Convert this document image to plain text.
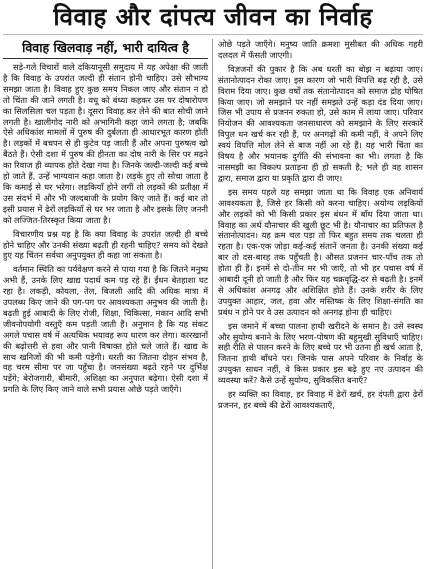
विवाह और दांपत्य जीवन का निर्वाह
विवाह खिलवाड़ नहीं, भारी दायित्व है

सड़े-गले विचारों वाले दकियानूसी समुदाय में यह अपेक्षा की जाती है कि विवाह के उपरांत जल्दी ही संतान होनी चाहिए। उसे सौभाग्य समझा जाता है। विवाह हुए कुछ समय निकल जाए और संतान न हो तो चिंता की जाने लगती है। वधू को बंध्या कहकर उस पर दोषारोपण का सिलसिला चल पड़ता है। दूसरा विवाह कर लेने की बात सोची जाने लगती है। खालीगोद नारी को अभागिनी कहा जाने लगता है; जबकि ऐसे अधिकांश मामलों में पुरुष की दुर्बलता ही आधारभूत कारण होती है। लड़कों में बचपन से ही कुटेव पड़ जाती हैं और अपना पुरुषत्व खो बैठते हैं। ऐसी दशा में पुरुष की हीनता का दोष नारी के सिर पर मढ़ने का रिवाज ही व्यापक होते देखा गया है। जिनके जल्दी-जल्दी कई बच्चे हो जाते हैं, उन्हें भाग्यवान कहा जाता है। लड़के हुए तो सोचा जाता है कि कमाई से घर भरेगा। लड़कियाँ होने लगीं तो लड़कों की प्रतीक्षा में उस संदर्भ में और भी जल्दबाजी के प्रयोग किए जाते हैं। कई बार तो इसी प्रयास में ढेरों लड़कियाँ से घर भर जाता है और इसके लिए जननी को लज्जित-तिरस्कृत किया जाता है।

विचारणीय प्रश्न यह है कि क्या विवाह के उपरांत जल्दी ही बच्चे होने चाहिए और उनकी संख्या बढ़ती ही रहनी चाहिए? समय को देखते हुए यह चिंतन सर्वथा अनुपयुक्त ही कहा जा सकता है।

वर्तमान स्थिति का पर्यवेक्षण करने से पाया गया है कि जितने मनुष्य अभी हैं, उनके लिए खाद्य पदार्थ कम पड़ रहे हैं। ईंधन बेतहाशा घट रहा है। लकड़ी, कोयला, तेल, बिजली आदि की अधिक मात्रा में उपलब्ध किए जाने की पग-पग पर आवश्यकता अनुभव की जाती है। बढ़ती हुई आबादी के लिए रोजी, शिक्षा, चिकित्सा, मकान आदि सभी जीवनोपयोगी वस्तुएँ कम पड़ती जाती हैं। अनुमान है कि यह संकट अगले पचास वर्ष में अत्यधिक भयावह रूप धारण कर लेगा। कारखानों की बढ़ोत्तरी से हवा और पानी विषाक्त होते चले जाते हैं। खाद्य के साथ खनिजों की भी कमी पड़ेगी। धरती का जितना दोहन संभव है, वह चरम सीमा पर जा पहुँचा है। जनसंख्या बढ़ते रहने पर दुर्भिक्ष पड़ेंगे; बेरोजगारी, बीमारी, अशिक्षा का अनुपात बढ़ेगा। ऐसी दशा में प्रगति के लिए किए जाने वाले सभी प्रयास ओछे पड़ते जाएँगे।

ओछे पड़ते जाएँगे। मनुष्य जाति क्रमशः मुसीबत की अधिक गहरी दलदल में फँसती जाएगी।

विज्ञजनों की पुकार है कि अब धरती का बोझ न बढ़ाया जाए। संतानोत्पादन रोका जाए। इस कारण जो भारी विपत्ति बढ़ रही है, उसे विराम दिया जाए। कुछ वर्षों तक संतानोत्पादन को समाज द्रोह घोषित किया जाए। जो समझाने पर नहीं समझते उन्हें कड़ा दंड दिया जाए। जिस भी उपाय से प्रजनन रुकता हो, उसे काम में लाया जाए। परिवार नियोजन की आवश्यकता जनसाधारण को समझाने के लिए सरकारें विपुल धन खर्च कर रही हैं, पर अनगढ़ों की कमी नहीं, वे अपने लिए स्वयं विपत्ति मोल लेने से बाज नहीं आ रहे हैं। यह भारी चिंता का विषय है और भयानक दुर्गति की संभावना का भी। लगता है कि नासमझी का विकल्प प्रताड़ना ही हो सकती है; भले ही वह शासन द्वारा, समाज द्वारा या प्रकृति द्वारा दी जाए।

इस समय पहले यह समझा जाता था कि विवाह एक अनिवार्य आवश्यकता है, जिसे हर किसी को करना चाहिए। अयोग्य लड़कियों और लड़कों को भी किसी प्रकार इस बंधन में बाँध दिया जाता था। विवाह का अर्थ यौनाचार की खुली छूट भी है। यौनाचार का प्रतिफल है संतानोत्पादन। यह क्रम चल पड़ा तो फिर बहुत समय तक चलता ही रहता है। एक-एक जोड़ा कई-कई संतानें जनता है। उनकी संख्या कई बार तो दस-बारह तक पहुँचती है। औसत प्रजनन चार-पाँच तक तो होता ही है। इनमें से दो-तीन मर भी जाएँ, तो भी हर पचास वर्ष में आबादी दूनी हो जाती है और फिर यह चक्रवृद्धि-दर से बढ़ती है। इनमें से अधिकांश अनगढ़ और अशिक्षित होते हैं। उनके शरीर के लिए उपयुक्त आहार, जल, हवा और मस्तिष्क के लिए शिक्षा-संगति का प्रबंध न होने पर वे उस उत्पादन को अनगढ़ होना ही चाहिए।

इस जमाने में बच्चा पालना हाथी खरीदने के समान है। उसे स्वस्थ और सुयोग्य बनाने के लिए भरण-पोषण की बहुमुखी सुविधाएँ चाहिए। सही रीति से पालन करने के लिए बच्चे पर भी उतना ही खर्च आता है, जितना हाथी बाँधने पर। जिनके पास अपने परिवार के निर्वाह के उपयुक्त साधन नहीं, वे किस प्रकार इस बढ़े हुए नए उत्पादन की व्यवस्था करें? कैसे उन्हें सुयोग्य, सुविकसित बनाएँ?

हर व्यक्ति का विवाह, हर विवाह में ढेरों खर्च, हर दंपती द्वारा ढेरों प्रजनन, हर बच्चे की ढेरों आवश्यकताएँ,
